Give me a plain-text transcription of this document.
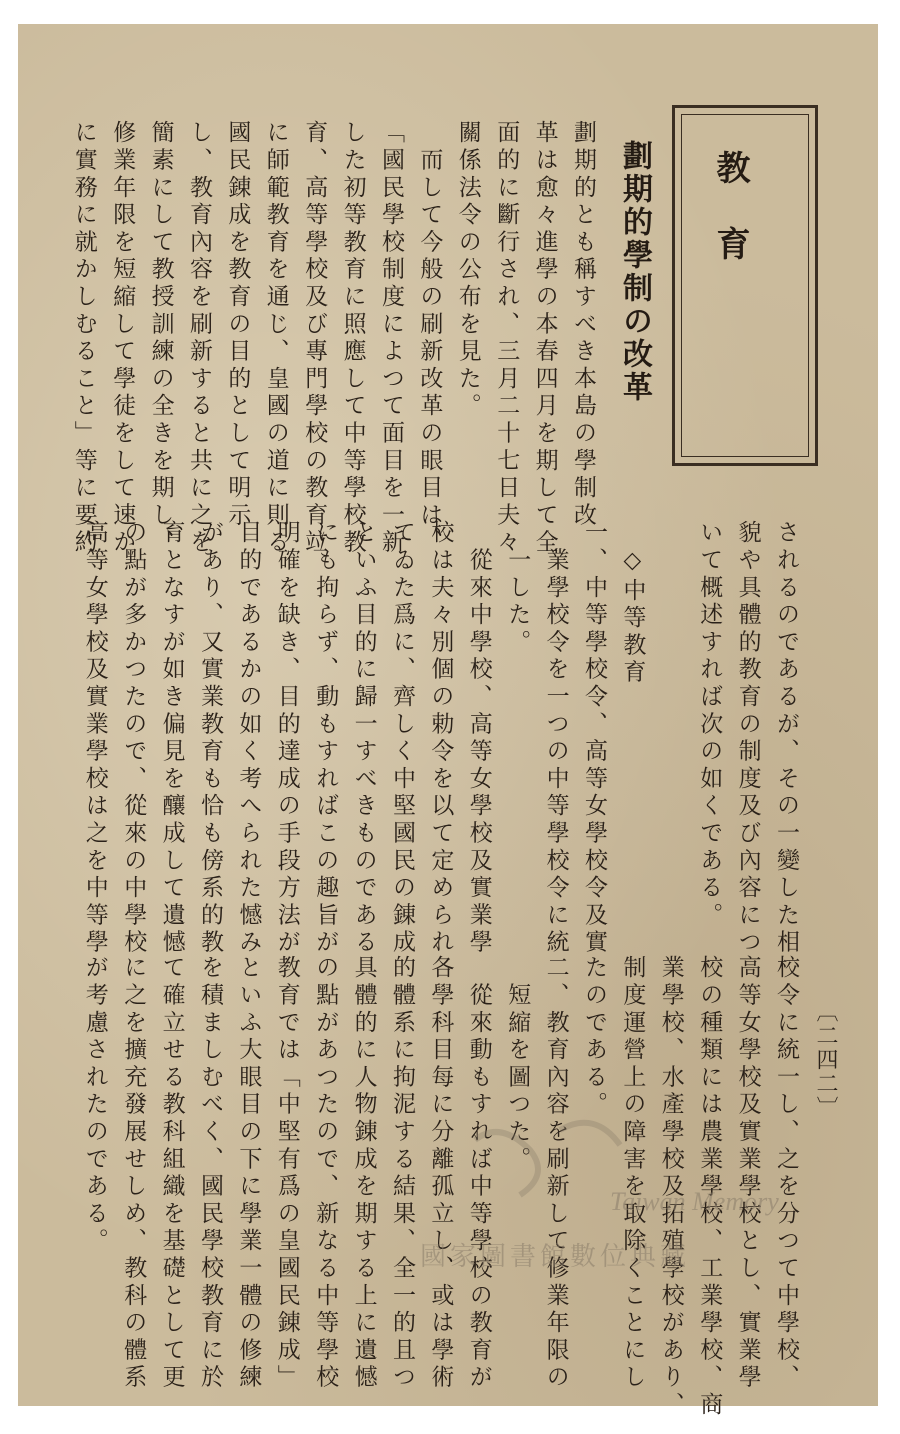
教育
劃期的學制の改革
〔二四二〕
劃期的とも稱すべき本島の學制改
革は愈々進學の本春四月を期して全
面的に斷行され、三月二十七日夫々
關係法令の公布を見た。
　而して今般の刷新改革の眼目は、
「國民學校制度によつて面目を一新
した初等教育に照應して中等學校教
育、高等學校及び專門學校の教育竝
に師範教育を通じ、皇國の道に則る
國民錬成を教育の目的として明示
し、教育內容を刷新すると共に之を
簡素にして教授訓練の全きを期し、
修業年限を短縮して學徒をして速か
に實務に就かしむること」等に要約
されるのであるが、その一變した相
貌や具體的教育の制度及び內容につ
いて概述すれば次の如くである。
　◇中等教育
一、中等學校令、高等女學校令及實
　業學校令を一つの中等學校令に統
　一した。
　從來中學校、高等女學校及實業學
校は夫々別個の勅令を以て定められ
てゐた爲に、齊しく中堅國民の錬成
といふ目的に歸一すべきものである
にも拘らず、動もすればこの趣旨が
明確を缺き、目的達成の手段方法が
目的であるかの如く考へられた憾み
があり、又實業教育も恰も傍系的教
育となすが如き偏見を釀成して遺憾
の點が多かつたので、從來の中學校
高等女學校及實業學校は之を中等學
校令に統一し、之を分つて中學校、
高等女學校及實業學校とし、實業學
校の種類には農業學校、工業學校、商
業學校、水產學校及拓殖學校があり、
制度運營上の障害を取除くことにし
たのである。
二、教育內容を刷新して修業年限の
　短縮を圖つた。
　從來動もすれば中等學校の教育が
各學科目每に分離孤立し、或は學術
的體系に拘泥する結果、全一的且つ
具體的に人物錬成を期する上に遺憾
の點があつたので、新なる中等學校
教育では「中堅有爲の皇國民錬成」
といふ大眼目の下に學業一體の修練
を積ましむべく、國民學校教育に於
て確立せる教科組織を基礎として更
に之を擴充發展せしめ、教科の體系
が考慮されたのである。	Taiwan Memory
國家圖書館數位典藏
